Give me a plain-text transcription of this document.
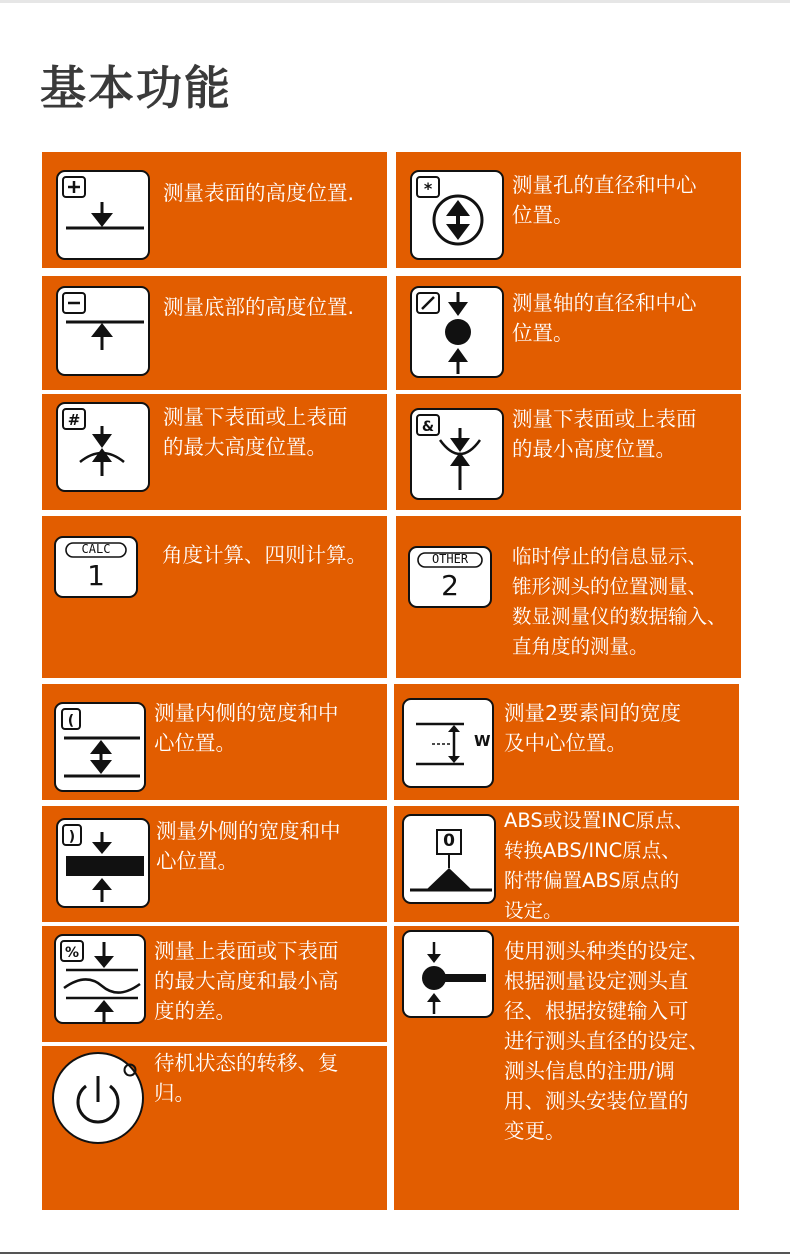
基本功能
测量表面的高度位置.
测量底部的高度位置.
#	测量下表面或上表面
的最大高度位置。
CALC
1
角度计算、四则计算。
(	测量内侧的宽度和中
心位置。
)	测量外侧的宽度和中
心位置。
%	测量上表面或下表面
的最大高度和最小高
度的差。
待机状态的转移、复
归。
*	测量孔的直径和中心
位置。
测量轴的直径和中心
位置。
&	测量下表面或上表面
的最小高度位置。
OTHER
2
临时停止的信息显示、
锥形测头的位置测量、
数显测量仪的数据输入、
直角度的测量。
W
测量2要素间的宽度
及中心位置。
0
ABS或设置INC原点、
转换ABS/INC原点、
附带偏置ABS原点的
设定。
使用测头种类的设定、
根据测量设定测头直
径、根据按键输入可
进行测头直径的设定、
测头信息的注册/调
用、测头安装位置的
变更。
